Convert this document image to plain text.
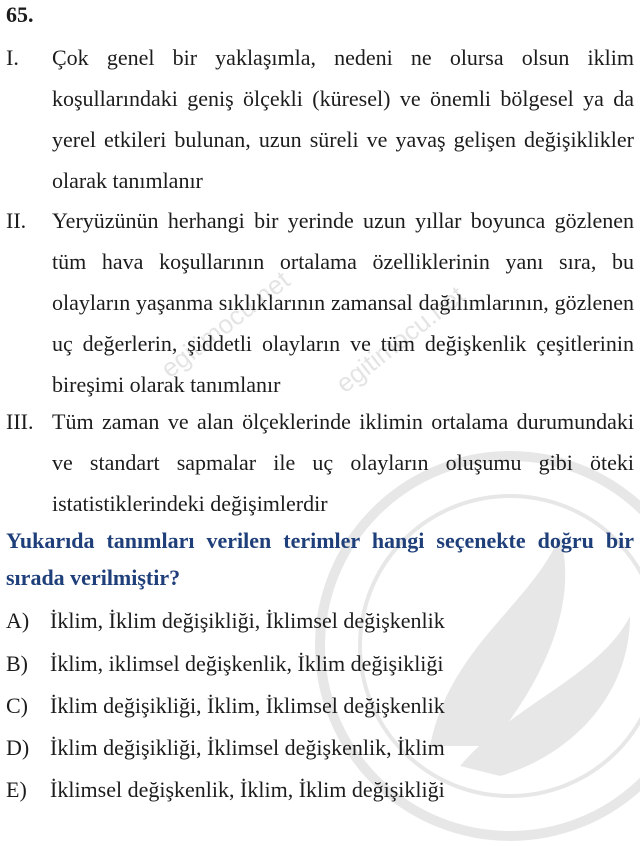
egitimocu.net egitimocu.net
65.
I. Çok genel bir yaklaşımla, nedeni ne olursa olsun iklim koşullarındaki geniş ölçekli (küresel) ve önemli bölgesel ya da yerel etkileri bulunan, uzun süreli ve yavaş gelişen değişiklikler olarak tanımlanır
II. Yeryüzünün herhangi bir yerinde uzun yıllar boyunca gözlenen tüm hava koşullarının ortalama özelliklerinin yanı sıra, bu olayların yaşanma sıklıklarının zamansal dağılımlarının, gözlenen uç değerlerin, şiddetli olayların ve tüm değişkenlik çeşitlerinin bireşimi olarak tanımlanır
III. Tüm zaman ve alan ölçeklerinde iklimin ortalama durumundaki ve standart sapmalar ile uç olayların oluşumu gibi öteki istatistiklerindeki değişimlerdir
Yukarıda tanımları verilen terimler hangi seçenekte doğru bir sırada verilmiştir?
A) İklim, İklim değişikliği, İklimsel değişkenlik
B) İklim, iklimsel değişkenlik, İklim değişikliği
C) İklim değişikliği, İklim, İklimsel değişkenlik
D) İklim değişikliği, İklimsel değişkenlik, İklim
E) İklimsel değişkenlik, İklim, İklim değişikliği
